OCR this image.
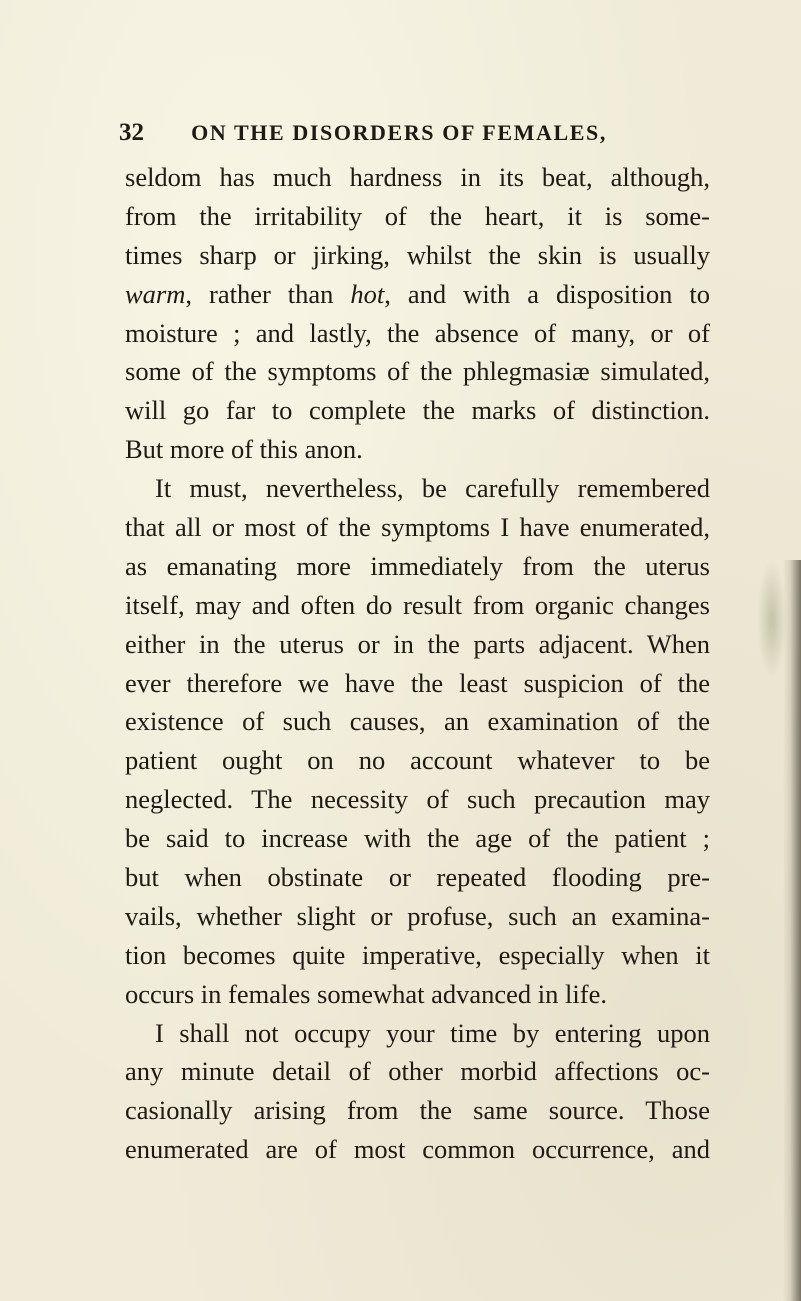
32 ON THE DISORDERS OF FEMALES,
seldom has much hardness in its beat, although,
from the irritability of the heart, it is some-
times sharp or jirking, whilst the skin is usually
warm, rather than hot, and with a disposition to
moisture ; and lastly, the absence of many, or of
some of the symptoms of the phlegmasiæ simulated,
will go far to complete the marks of distinction.
But more of this anon.
It must, nevertheless, be carefully remembered
that all or most of the symptoms I have enumerated,
as emanating more immediately from the uterus
itself, may and often do result from organic changes
either in the uterus or in the parts adjacent. When
ever therefore we have the least suspicion of the
existence of such causes, an examination of the
patient ought on no account whatever to be
neglected. The necessity of such precaution may
be said to increase with the age of the patient ;
but when obstinate or repeated flooding pre-
vails, whether slight or profuse, such an examina-
tion becomes quite imperative, especially when it
occurs in females somewhat advanced in life.
I shall not occupy your time by entering upon
any minute detail of other morbid affections oc-
casionally arising from the same source. Those
enumerated are of most common occurrence, and
